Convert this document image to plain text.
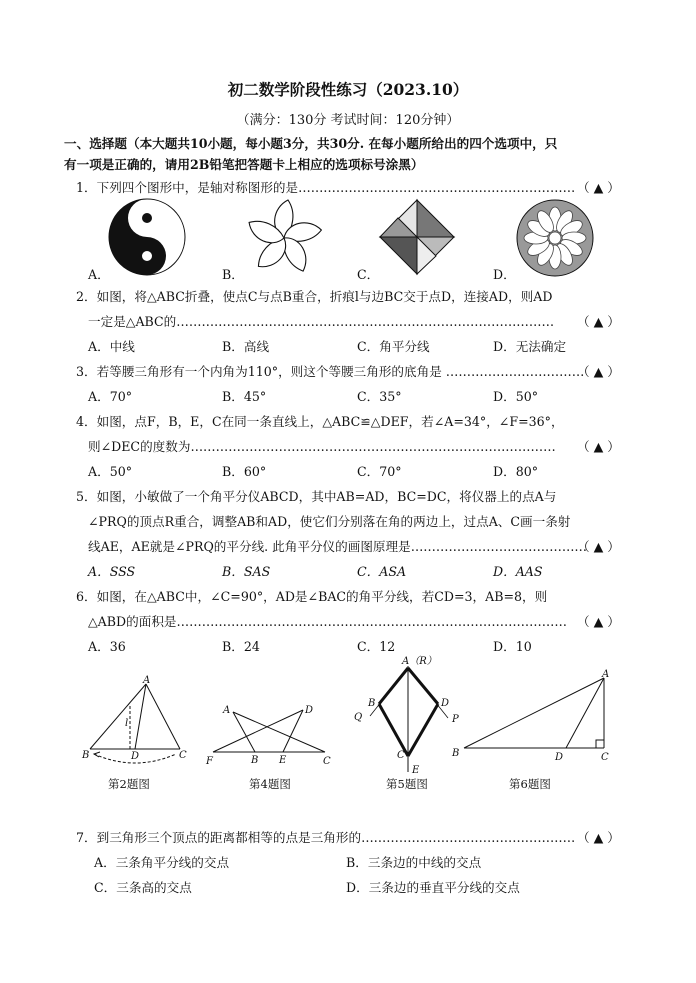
初二数学阶段性练习（2023.10）
（满分：130分 考试时间：120分钟）
一、选择题（本大题共10小题，每小题3分，共30分. 在每小题所给出的四个选项中，只
有一项是正确的，请用2B铅笔把答题卡上相应的选项标号涂黑）
1．下列四个图形中，是轴对称图形的是………………………………………………………… （ ▲ ）
A．	B．	C．	D．
2．如图，将△ABC折叠，使点C与点B重合，折痕l与边BC交于点D，连接AD，则AD
一定是△ABC的……………………………………………………………………………… （ ▲ ）
A．中线	B．高线	C．角平分线	D．无法确定
3．若等腰三角形有一个内角为110°，则这个等腰三角形的底角是 ……………………………
（ ▲ ）
A．70°	B．45°	C．35°	D．50°
4．如图，点F，B，E，C在同一条直线上，△ABC≌△DEF，若∠A=34°，∠F=36°，
则∠DEC的度数为…………………………………………………………………………… （ ▲ ）
A．50°	B．60°	C．70°	D．80°
5．如图，小敏做了一个角平分仪ABCD，其中AB=AD，BC=DC，将仪器上的点A与
∠PRQ的顶点R重合，调整AB和AD，使它们分别落在角的两边上，过点A、C画一条射
线AE，AE就是∠PRQ的平分线. 此角平分仪的画图原理是……………………………………
（ ▲ ）
A．SSS	B．SAS	C．ASA	D．AAS
6．如图，在△ABC中，∠C=90°，AD是∠BAC的角平分线，若CD=3，AB=8，则
△ABD的面积是………………………………………………………………………………… （ ▲ ）
A．36	B．24	C．12	D．10
A
B	D	C
l
第2题图
A	D
F	B E	C
第4题图
A（R）
B	D
Q	P
C
E
第5题图
A
B	D	C
第6题图
7．到三角形三个顶点的距离都相等的点是三角形的…………………………………………… （ ▲ ）
A．三条角平分线的交点	B．三条边的中线的交点
C．三条高的交点	D．三条边的垂直平分线的交点
